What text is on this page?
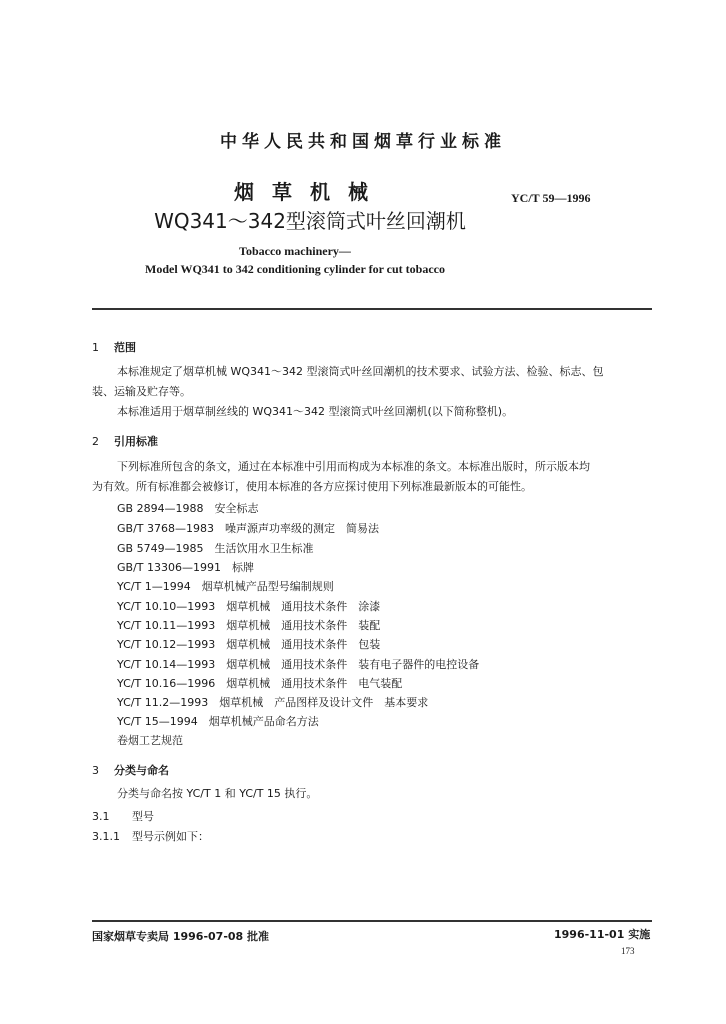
中华人民共和国烟草行业标准
烟草机械
WQ341～342型滚筒式叶丝回潮机
YC/T 59—1996
Tobacco machinery—
Model WQ341 to 342 conditioning cylinder for cut tobacco
1 范围
本标准规定了烟草机械 WQ341～342 型滚筒式叶丝回潮机的技术要求、试验方法、检验、标志、包
装、运输及贮存等。
本标准适用于烟草制丝线的 WQ341～342 型滚筒式叶丝回潮机(以下简称整机)。
2 引用标准
下列标准所包含的条文，通过在本标准中引用而构成为本标准的条文。本标准出版时，所示版本均
为有效。所有标准都会被修订，使用本标准的各方应探讨使用下列标准最新版本的可能性。
GB 2894—1988　安全标志
GB/T 3768—1983　噪声源声功率级的测定　简易法
GB 5749—1985　生活饮用水卫生标准
GB/T 13306—1991　标牌
YC/T 1—1994　烟草机械产品型号编制规则
YC/T 10.10—1993　烟草机械　通用技术条件　涂漆
YC/T 10.11—1993　烟草机械　通用技术条件　装配
YC/T 10.12—1993　烟草机械　通用技术条件　包装
YC/T 10.14—1993　烟草机械　通用技术条件　装有电子器件的电控设备
YC/T 10.16—1996　烟草机械　通用技术条件　电气装配
YC/T 11.2—1993　烟草机械　产品图样及设计文件　基本要求
YC/T 15—1994　烟草机械产品命名方法
卷烟工艺规范
3 分类与命名
分类与命名按 YC/T 1 和 YC/T 15 执行。
3.1 型号
3.1.1 型号示例如下：
国家烟草专卖局 1996-07-08 批准	1996-11-01 实施
173
